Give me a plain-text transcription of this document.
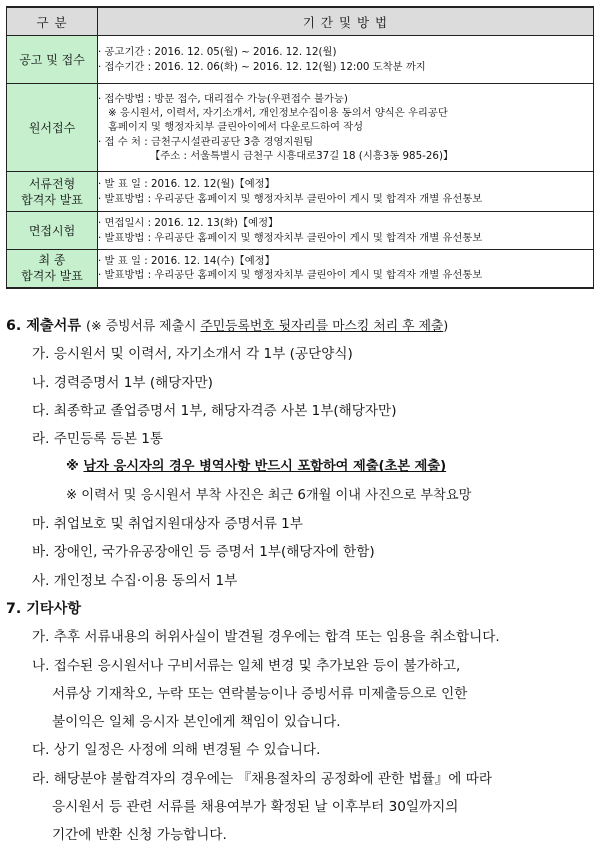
구 분	기 간 및 방 법
공고 및 접수	· 공고기간 : 2016. 12. 05(월) ~ 2016. 12. 12(월)
· 접수기간 : 2016. 12. 06(화) ~ 2016. 12. 12(월) 12:00 도착분 까지

원서접수	· 접수방법 : 방문 접수, 대리접수 가능(우편접수 불가능)
※ 응시원서, 이력서, 자기소개서, 개인정보수집이용 동의서 양식은 우리공단
홈페이지 및 행정자치부 클린아이에서 다운로드하여 작성
· 접 수 처 : 금천구시설관리공단 3층 경영지원팀
【주소 : 서울특별시 금천구 시흥대로37길 18 (시흥3동 985-26)】

서류전형
합격자 발표	· 발 표 일 : 2016. 12. 12(월)【예정】
· 발표방법 : 우리공단 홈페이지 및 행정자치부 클린아이 게시 및 합격자 개별 유선통보

면접시험	· 면접일시 : 2016. 12. 13(화)【예정】
· 발표방법 : 우리공단 홈페이지 및 행정자치부 클린아이 게시 및 합격자 개별 유선통보

최 종
합격자 발표	· 발 표 일 : 2016. 12. 14(수)【예정】
· 발표방법 : 우리공단 홈페이지 및 행정자치부 클린아이 게시 및 합격자 개별 유선통보
6. 제출서류 (※ 증빙서류 제출시 주민등록번호 뒷자리를 마스킹 처리 후 제출)
가. 응시원서 및 이력서, 자기소개서 각 1부 (공단양식)
나. 경력증명서 1부 (해당자만)
다. 최종학교 졸업증명서 1부, 해당자격증 사본 1부(해당자만)
라. 주민등록 등본 1통
※ 남자 응시자의 경우 병역사항 반드시 포함하여 제출(초본 제출)
※ 이력서 및 응시원서 부착 사진은 최근 6개월 이내 사진으로 부착요망
마. 취업보호 및 취업지원대상자 증명서류 1부
바. 장애인, 국가유공장애인 등 증명서 1부(해당자에 한함)
사. 개인정보 수집·이용 동의서 1부
7. 기타사항
가. 추후 서류내용의 허위사실이 발견될 경우에는 합격 또는 임용을 취소합니다.
나. 접수된 응시원서나 구비서류는 일체 변경 및 추가보완 등이 불가하고,
서류상 기재착오, 누락 또는 연락불능이나 증빙서류 미제출등으로 인한
불이익은 일체 응시자 본인에게 책임이 있습니다.
다. 상기 일정은 사정에 의해 변경될 수 있습니다.
라. 해당분야 불합격자의 경우에는 『채용절차의 공정화에 관한 법률』에 따라
응시원서 등 관련 서류를 채용여부가 확정된 날 이후부터 30일까지의
기간에 반환 신청 가능합니다.
